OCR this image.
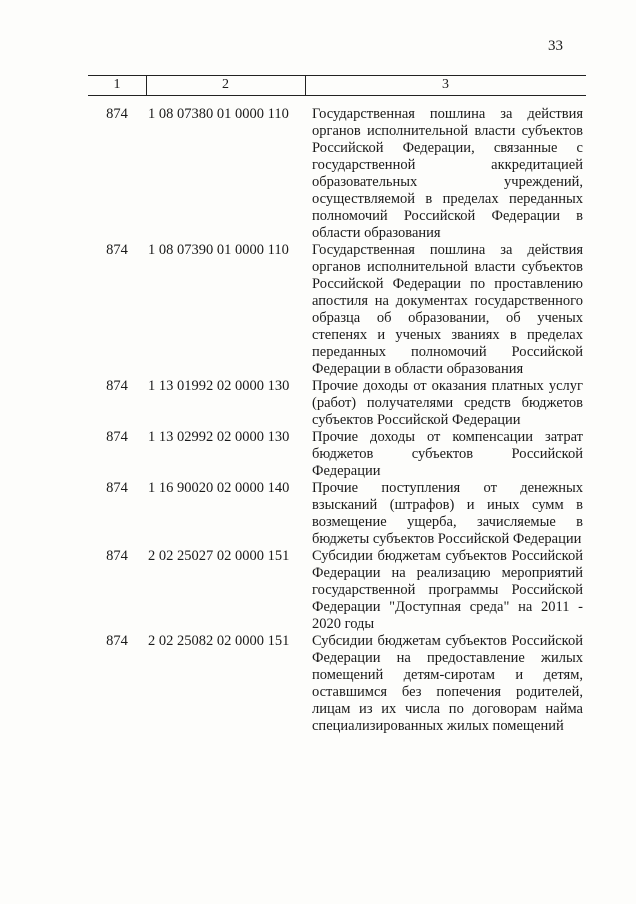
33
1	2	3
874	1 08 07380 01 0000 110	Государственная пошлина за действия органов исполнительной власти субъектов Российской Федерации, связанные с государственной аккредитацией образовательных учреждений, осуществляемой в пределах переданных полномочий Российской Федерации в области образования
874	1 08 07390 01 0000 110	Государственная пошлина за действия органов исполнительной власти субъектов Российской Федерации по проставлению апостиля на документах государственного образца об образовании, об ученых степенях и ученых званиях в пределах переданных полномочий Российской Федерации в области образования
874	1 13 01992 02 0000 130	Прочие доходы от оказания платных услуг (работ) получателями средств бюджетов субъектов Российской Федерации
874	1 13 02992 02 0000 130	Прочие доходы от компенсации затрат бюджетов субъектов Российской Федерации
874	1 16 90020 02 0000 140	Прочие поступления от денежных взысканий (штрафов) и иных сумм в возмещение ущерба, зачисляемые в бюджеты субъектов Российской Федерации
874	2 02 25027 02 0000 151	Субсидии бюджетам субъектов Российской Федерации на реализацию мероприятий государственной программы Российской Федерации "Доступная среда" на 2011 - 2020 годы
874	2 02 25082 02 0000 151	Субсидии бюджетам субъектов Российской Федерации на предоставление жилых помещений детям-сиротам и детям, оставшимся без попечения родителей, лицам из их числа по договорам найма специализированных жилых помещений
